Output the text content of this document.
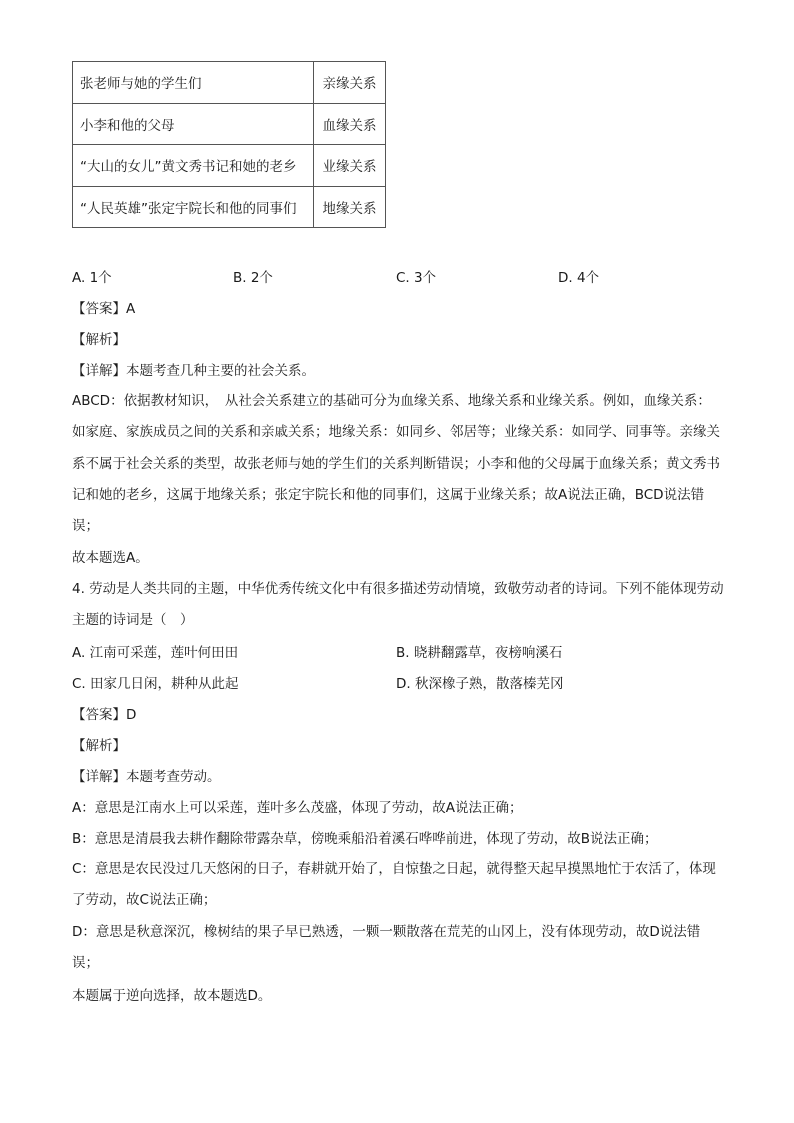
张老师与她的学生们	亲缘关系
小李和他的父母	血缘关系
“大山的女儿”黄文秀书记和她的老乡	业缘关系
“人民英雄”张定宇院长和他的同事们	地缘关系
A. 1个	B. 2个	C. 3个	D. 4个
【答案】A
【解析】
【详解】本题考查几种主要的社会关系。
ABCD：依据教材知识，　从社会关系建立的基础可分为血缘关系、地缘关系和业缘关系。例如，血缘关系：如家庭、家族成员之间的关系和亲戚关系；地缘关系：如同乡、邻居等；业缘关系：如同学、同事等。亲缘关系不属于社会关系的类型，故张老师与她的学生们的关系判断错误；小李和他的父母属于血缘关系；黄文秀书记和她的老乡，这属于地缘关系；张定宇院长和他的同事们，这属于业缘关系；故A说法正确，BCD说法错误；
故本题选A。
4. 劳动是人类共同的主题，中华优秀传统文化中有很多描述劳动情境，致敬劳动者的诗词。下列不能体现劳动主题的诗词是（　）
A. 江南可采莲，莲叶何田田	B. 晓耕翻露草，夜榜响溪石
C. 田家几日闲，耕种从此起	D. 秋深橡子熟，散落榛芜冈
【答案】D
【解析】
【详解】本题考查劳动。
A：意思是江南水上可以采莲，莲叶多么茂盛，体现了劳动，故A说法正确；
B：意思是清晨我去耕作翻除带露杂草，傍晚乘船沿着溪石哗哗前进，体现了劳动，故B说法正确；
C：意思是农民没过几天悠闲的日子，春耕就开始了，自惊蛰之日起，就得整天起早摸黑地忙于农活了，体现了劳动，故C说法正确；
D：意思是秋意深沉，橡树结的果子早已熟透，一颗一颗散落在荒芜的山冈上，没有体现劳动，故D说法错误；
本题属于逆向选择，故本题选D。
